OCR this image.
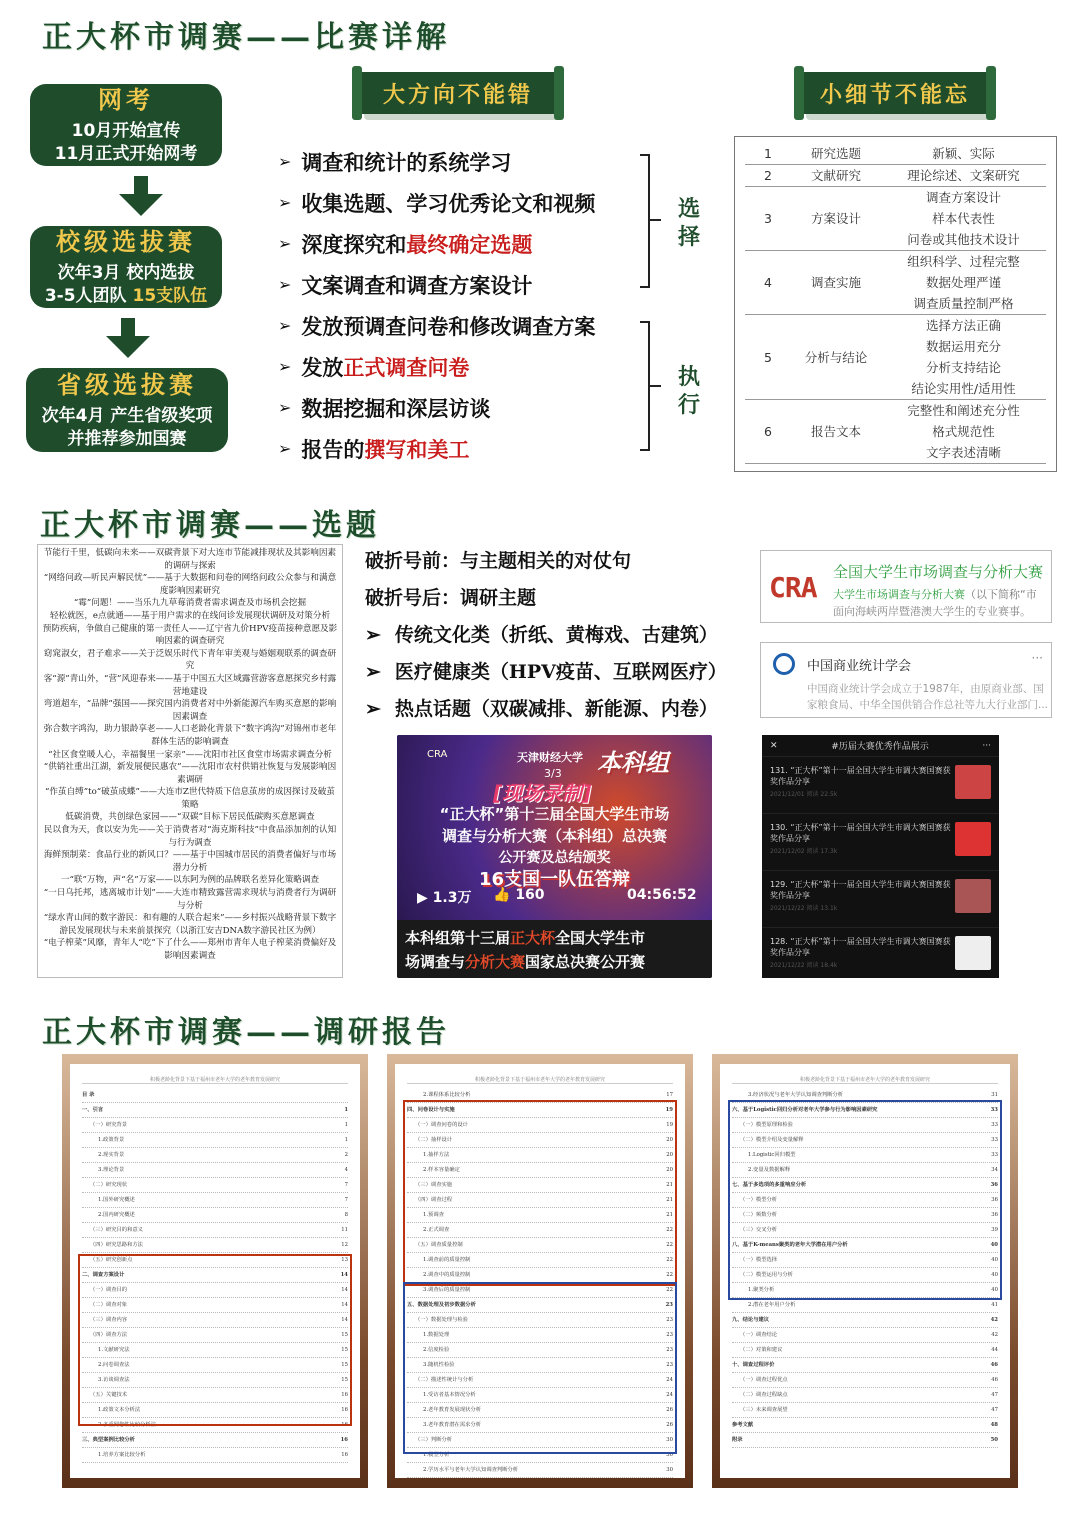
正大杯市调赛——比赛详解
网考
10月开始宣传
11月正式开始网考
校级选拔赛
次年3月 校内选拔
3-5人团队 15支队伍
省级选拔赛
次年4月 产生省级奖项
并推荐参加国赛
大方向不能错	小细节不能忘
➢ 调查和统计的系统学习
➢ 收集选题、学习优秀论文和视频
➢ 深度探究和 最终确定选题
➢ 文案调查和调查方案设计
➢ 发放预调查问卷和修改调查方案
➢ 发放 正式调查问卷
➢ 数据挖掘和深层访谈
➢ 报告的 撰写和美工
选择
执行
1	研究选题	新颖、实际
2	文献研究	理论综述、文案研究
3	方案设计	调查方案设计
		样本代表性
		问卷或其他技术设计
4	调查实施	组织科学、过程完整
		数据处理严谨
		调查质量控制严格
5	分析与结论	选择方法正确
		数据运用充分
		分析支持结论
		结论实用性/适用性
6	报告文本	完整性和阐述充分性
		格式规范性
		文字表述清晰
正大杯市调赛——选题
节能行千里，低碳向未来——双碳背景下对大连市节能减排现状及其影响因素的调研与探索
“网络问政—听民声解民忧”——基于大数据和问卷的网络问政公众参与和满意度影响因素研究
“霉”问题！——当乐九九草莓消费者需求调查及市场机会挖掘
轻松就医，e点就通——基于用户需求的在线问诊发展现状调研及对策分析
预防疾病，争做自己健康的第一责任人——辽宁省九价HPV疫苗接种意愿及影响因素的调查研究
窈窕淑女，君子难求——关于泛娱乐时代下青年审美观与婚姻观联系的调查研究
客“源”青山外，“营”风迎春来——基于中国五大区域露营游客意愿探究乡村露营地建设
弯道超车，“品牌”强国——探究国内消费者对中外新能源汽车购买意愿的影响因素调查
弥合数字鸿沟，助力银龄享老——人口老龄化背景下“数字鸿沟”对锦州市老年群体生活的影响调查
“社区食堂暖人心，幸福餐里一家亲”——沈阳市社区食堂市场需求调查分析
“供销社重出江湖，新发展便民惠农”——沈阳市农村供销社恢复与发展影响因素调研
“作茧自缚”to“破茧成蝶”——大连市Z世代特质下信息茧房的成因探讨及破茧策略
低碳消费，共创绿色家园——“双碳”目标下居民低碳购买意愿调查
民以食为天，食以安为先——关于消费者对“海克斯科技”中食品添加剂的认知与行为调查
海鲜预制菜：食品行业的新风口？——基于中国城市居民的消费者偏好与市场潜力分析
一“联”万物，声“名”万家——以东阿为例的品牌联名差异化策略调查
“一日乌托邦，逃离城市计划”——大连市精致露营需求现状与消费者行为调研与分析
“绿水青山间的数字游民：和有趣的人联合起来”——乡村振兴战略背景下数字游民发展现状与未来前景探究（以浙江安吉DNA数字游民社区为例）
“电子榨菜”风靡，青年人“吃”下了什么——郑州市青年人电子榨菜消费偏好及影响因素调查
破折号前：与主题相关的对仗句
破折号后：调研主题
➢ 传统文化类（折纸、黄梅戏、古建筑）
➢ 医疗健康类（HPV疫苗、互联网医疗）
➢ 热点话题（双碳减排、新能源、内卷）
CRA 全国大学生市场调查与分析大赛
大学生市场调查与分析大赛（以下简称“市
面向海峡两岸暨港澳大学生的专业赛事。
中国商业统计学会
···
中国商业统计学会成立于1987年，由原商业部、国
家粮食局、中华全国供销合作总社等九大行业部门...
CRA	天津财经大学 本科组
[现场录制]
3/3
“正大杯”第十三届全国大学生市场
调查与分析大赛（本科组）总决赛
公开赛及总结颁奖
16支国一队伍答辩
▶ 1.3万 👍 160	04:56:52
本科组第十三届正大杯全国大学生市
场调查与分析大赛国家总决赛公开赛
✕	#历届大赛优秀作品展示	···
131. “正大杯”第十一届全国大学生市调大赛国赛获奖作品分享
2021/12/01 阅读 22.5k
130. “正大杯”第十一届全国大学生市调大赛国赛获奖作品分享
2021/12/02 阅读 17.3k
129. “正大杯”第十一届全国大学生市调大赛国赛获奖作品分享
2021/12/22 阅读 13.1k
128. “正大杯”第十一届全国大学生市调大赛国赛获奖作品分享
2021/12/22 阅读 18.4k
正大杯市调赛——调研报告
积极老龄化背景下基于福州市老年大学的老年教育发展研究
目 录
一、引言	1
（一）研究背景	1
1.政策背景	1
2.现实背景	2
3.理论背景	4
（二）研究现状	7
1.国外研究概述	7
2.国内研究概述	8
（三）研究目的和意义	11
（四）研究思路和方法	12
（五）研究创新点	13
二、调查方案设计	14
（一）调查目的	14
（二）调查对象	14
（三）调查内容	14
（四）调查方法	15
1.文献研究法	15
2.问卷调查法	15
3.访谈调查法	15
（五）关键技术	16
1.政策文本分析法	16
2.多重网您性比较分析法	16
三、典型案例比较分析	16
1.培养方案比较分析	16
积极老龄化背景下基于福州市老年大学的老年教育发展研究
2.课程体系比较分析	17
四、问卷设计与实施	19
（一）调查问卷的设计	19
（二）抽样设计	20
1.抽样方法	20
2.样本容量确定	20
（三）调查实施	21
（四）调查过程	21
1.预调查	21
2.正式调查	22
（五）调查质量控制	22
1.调查前的质量控制	22
2.调查中的质量控制	22
3.调查后的质量控制	22
五、数据处理及初步数据分析	23
（一）数据处理与检验	23
1.数据处理	23
2.信度检验	23
3.随机性检验	23
（二）描述性统计与分析	24
1.受访者基本情况分析	24
2.老年教育发展现状分析	26
3.老年教育潜在需求分析	26
（三）判断分析	30
1.模型分析	30
2.学历水平与老年大学认知调查判断分析	30
积极老龄化背景下基于福州市老年大学的老年教育发展研究
3.经济状况与老年大学认知调查判断分析	31
六、基于Logistic回归分析对老年大学参与行为影响因素研究	33
（一）模型原理和检验	33
（二）模型介绍及变量解释	33
1.Logistic回归模型	33
2.变量及数据解释	34
七、基于多选项的多重响应分析	36
（一）模型分析	36
（二）频数分析	36
（三）交叉分析	39
八、基于K-means聚类的老年大学潜在用户分析	40
（一）模型选择	40
（二）模型运用与分析	40
1.聚类分析	40
2.潜在老年用户分析	41
九、结论与建议	42
（一）调查结论	42
（二）对策和建议	44
十、调查过程评价	46
（一）调查过程优点	46
（二）调查过程缺点	47
（三）未来调查展望	47
参考文献	48
附录	50
